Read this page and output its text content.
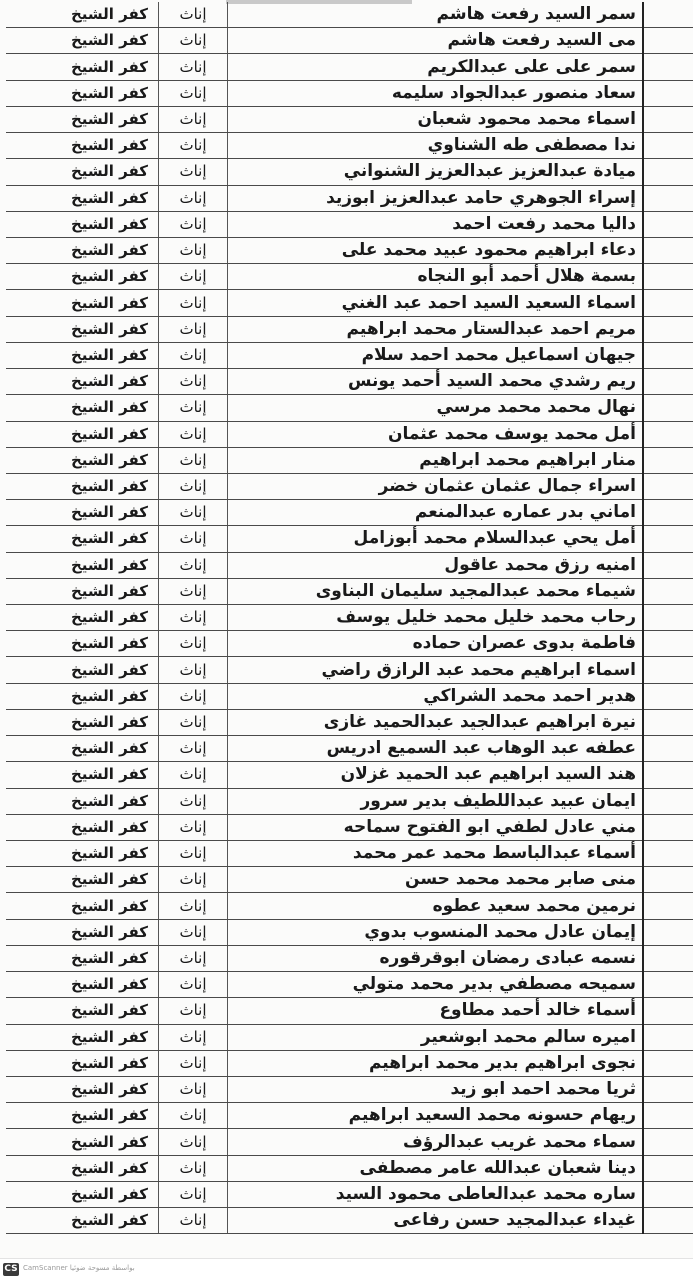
كفر الشيخ	إناث	سمر السيد رفعت هاشم	
كفر الشيخ	إناث	مى السيد رفعت هاشم	
كفر الشيخ	إناث	سمر على على عبدالكريم	
كفر الشيخ	إناث	سعاد منصور عبدالجواد سليمه	
كفر الشيخ	إناث	اسماء محمد محمود شعبان	
كفر الشيخ	إناث	ندا مصطفى طه الشناوي	
كفر الشيخ	إناث	ميادة عبدالعزيز عبدالعزيز الشنواني	
كفر الشيخ	إناث	إسراء الجوهري حامد عبدالعزيز ابوزيد	
كفر الشيخ	إناث	داليا محمد رفعت احمد	
كفر الشيخ	إناث	دعاء ابراهيم محمود عبيد محمد على	
كفر الشيخ	إناث	بسمة هلال أحمد أبو النجاه	
كفر الشيخ	إناث	اسماء السعيد السيد احمد عبد الغني	
كفر الشيخ	إناث	مريم احمد عبدالستار محمد ابراهيم	
كفر الشيخ	إناث	جيهان اسماعيل محمد احمد سلام	
كفر الشيخ	إناث	ريم رشدي محمد السيد أحمد يونس	
كفر الشيخ	إناث	نهال محمد محمد مرسي	
كفر الشيخ	إناث	أمل محمد يوسف محمد عثمان	
كفر الشيخ	إناث	منار ابراهيم محمد ابراهيم	
كفر الشيخ	إناث	اسراء جمال عثمان عثمان خضر	
كفر الشيخ	إناث	اماني بدر عماره عبدالمنعم	
كفر الشيخ	إناث	أمل يحي عبدالسلام محمد أبوزامل	
كفر الشيخ	إناث	امنيه رزق محمد عاقول	
كفر الشيخ	إناث	شيماء محمد عبدالمجيد سليمان البناوى	
كفر الشيخ	إناث	رحاب محمد خليل محمد خليل يوسف	
كفر الشيخ	إناث	فاطمة بدوى عصران حماده	
كفر الشيخ	إناث	اسماء ابراهيم محمد عبد الرازق راضي	
كفر الشيخ	إناث	هدير احمد محمد الشراكي	
كفر الشيخ	إناث	نيرة ابراهيم عبدالجيد عبدالحميد غازى	
كفر الشيخ	إناث	عطفه عبد الوهاب عبد السميع ادريس	
كفر الشيخ	إناث	هند السيد ابراهيم عبد الحميد غزلان	
كفر الشيخ	إناث	ايمان عبيد عبداللطيف بدير سرور	
كفر الشيخ	إناث	مني عادل لطفي ابو الفتوح سماحه	
كفر الشيخ	إناث	أسماء عبدالباسط محمد عمر محمد	
كفر الشيخ	إناث	منى صابر محمد محمد حسن	
كفر الشيخ	إناث	نرمين محمد سعيد عطوه	
كفر الشيخ	إناث	إيمان عادل محمد المنسوب بدوي	
كفر الشيخ	إناث	نسمه عبادى رمضان ابوقرقوره	
كفر الشيخ	إناث	سميحه مصطفي بدير محمد متولي	
كفر الشيخ	إناث	أسماء خالد أحمد مطاوع	
كفر الشيخ	إناث	اميره سالم محمد ابوشعير	
كفر الشيخ	إناث	نجوى ابراهيم بدير محمد ابراهيم	
كفر الشيخ	إناث	ثريا محمد احمد ابو زيد	
كفر الشيخ	إناث	ريهام حسونه محمد السعيد ابراهيم	
كفر الشيخ	إناث	سماء محمد غريب عبدالرؤف	
كفر الشيخ	إناث	دينا شعبان عبدالله عامر مصطفى	
كفر الشيخ	إناث	ساره محمد عبدالعاطى محمود السيد	
كفر الشيخ	إناث	غيداء عبدالمجيد حسن رفاعى	
CS CamScanner بواسطة مسوحة ضوئيا
